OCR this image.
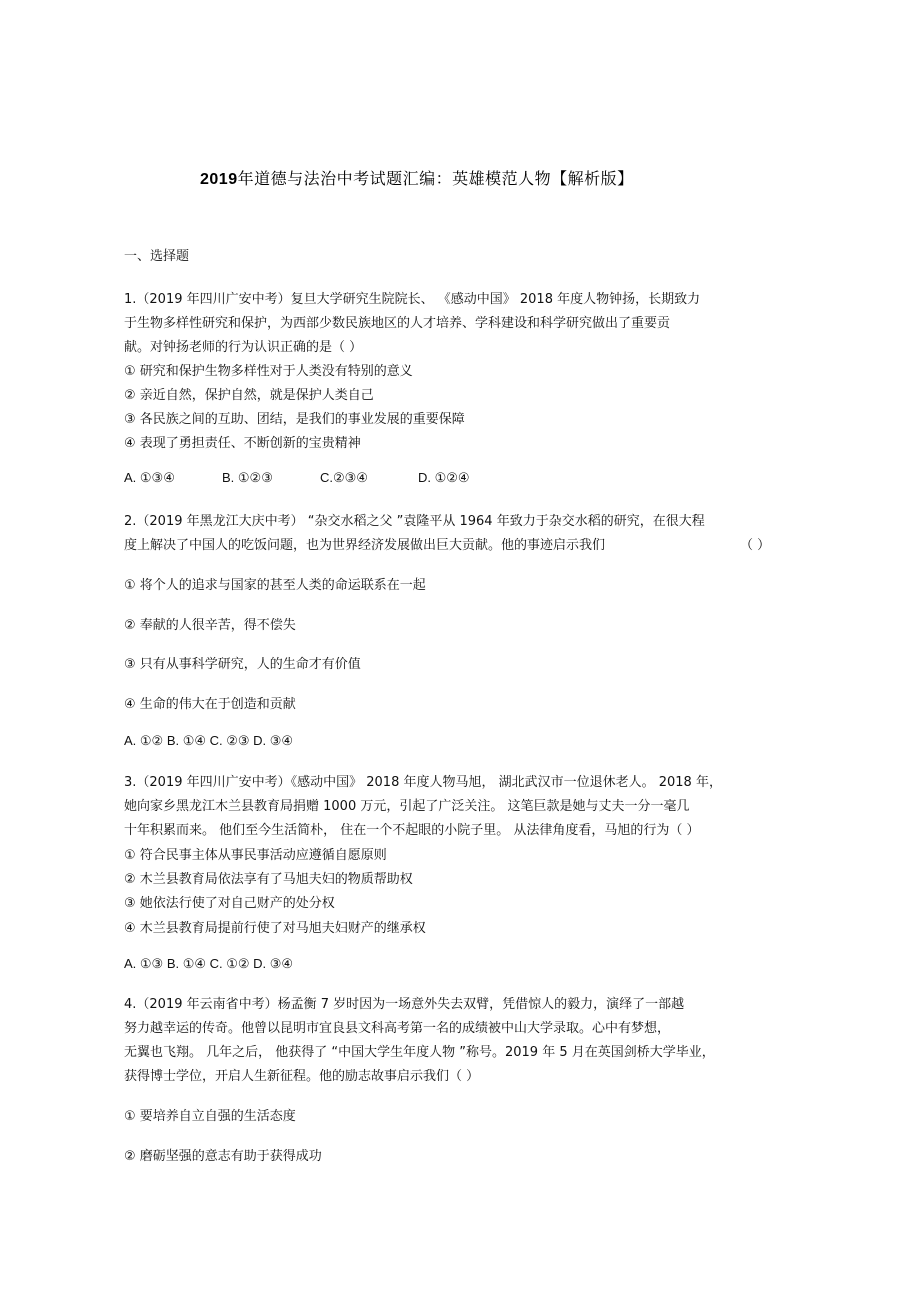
2019年道德与法治中考试题汇编：英雄模范人物【解析版】
一、选择题
1.（2019 年四川广安中考）复旦大学研究生院院长、 《感动中国》 2018 年度人物钟扬，长期致力
于生物多样性研究和保护，为西部少数民族地区的人才培养、学科建设和科学研究做出了重要贡
献。对钟扬老师的行为认识正确的是（ ）
① 研究和保护生物多样性对于人类没有特别的意义
② 亲近自然，保护自然，就是保护人类自己
③ 各民族之间的互助、团结，是我们的事业发展的重要保障
④ 表现了勇担责任、不断创新的宝贵精神
A. ①③④	B. ①②③	C.②③④	D. ①②④
2.（2019 年黑龙江大庆中考） “杂交水稻之父 ”袁隆平从 1964 年致力于杂交水稻的研究，在很大程
度上解决了中国人的吃饭问题，也为世界经济发展做出巨大贡献。他的事迹启示我们	（ ）
① 将个人的追求与国家的甚至人类的命运联系在一起
② 奉献的人很辛苦，得不偿失
③ 只有从事科学研究，人的生命才有价值
④ 生命的伟大在于创造和贡献
A. ①② B. ①④ C. ②③ D. ③④
3.（2019 年四川广安中考）《感动中国》 2018 年度人物马旭， 湖北武汉市一位退休老人。 2018 年，
她向家乡黑龙江木兰县教育局捐赠 1000 万元，引起了广泛关注。 这笔巨款是她与丈夫一分一毫几
十年积累而来。 他们至今生活简朴， 住在一个不起眼的小院子里。 从法律角度看，马旭的行为（ ）
① 符合民事主体从事民事活动应遵循自愿原则
② 木兰县教育局依法享有了马旭夫妇的物质帮助权
③ 她依法行使了对自己财产的处分权
④ 木兰县教育局提前行使了对马旭夫妇财产的继承权
A. ①③ B. ①④ C. ①② D. ③④
4.（2019 年云南省中考）杨孟衡 7 岁时因为一场意外失去双臂，凭借惊人的毅力，演绎了一部越
努力越幸运的传奇。他曾以昆明市宜良县文科高考第一名的成绩被中山大学录取。心中有梦想，
无翼也飞翔。 几年之后， 他获得了 “中国大学生年度人物 ”称号。2019 年 5 月在英国剑桥大学毕业，
获得博士学位，开启人生新征程。他的励志故事启示我们（ ）
① 要培养自立自强的生活态度
② 磨砺坚强的意志有助于获得成功
